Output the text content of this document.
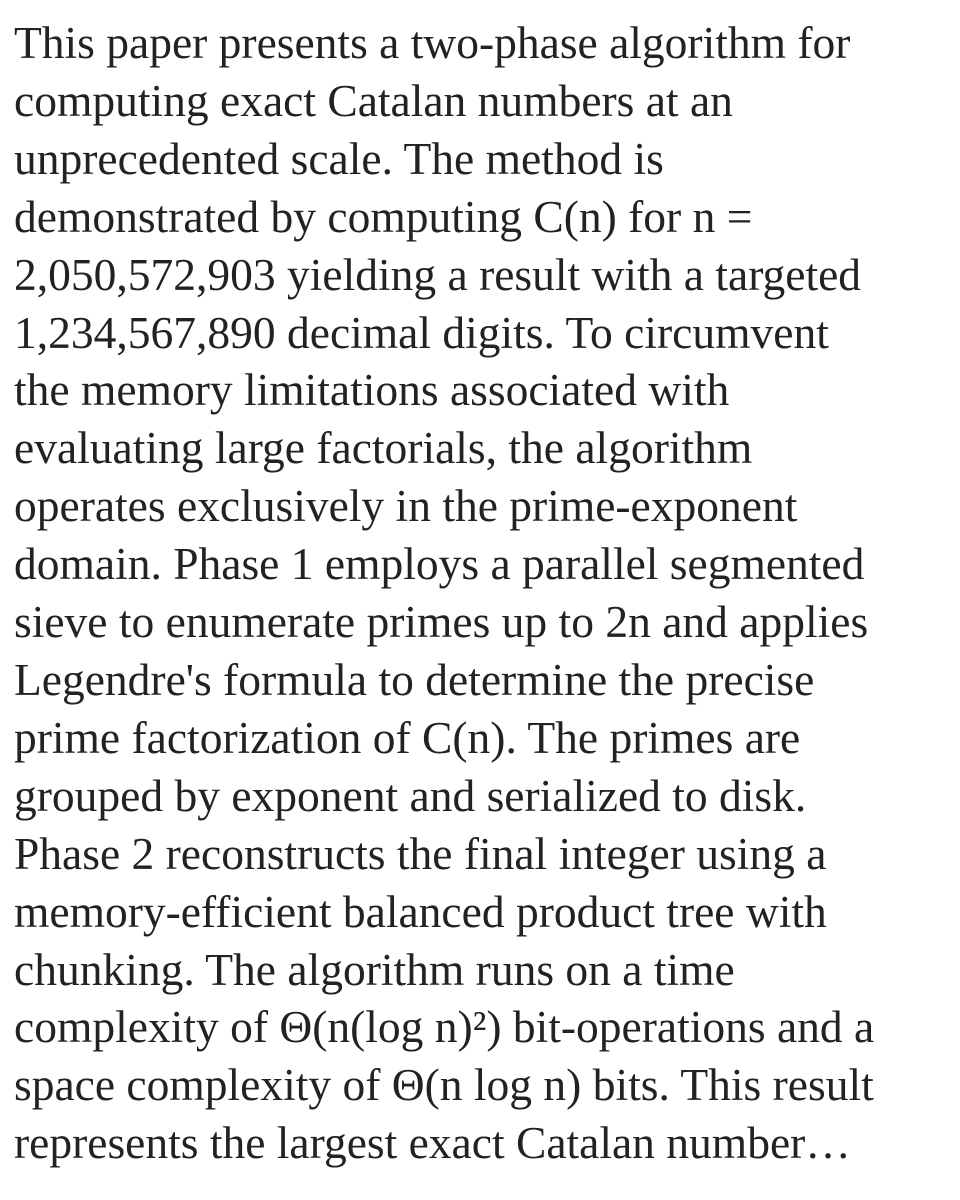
This paper presents a two-phase algorithm for
computing exact Catalan numbers at an
unprecedented scale. The method is
demonstrated by computing C(n) for n =
2,050,572,903 yielding a result with a targeted
1,234,567,890 decimal digits. To circumvent
the memory limitations associated with
evaluating large factorials, the algorithm
operates exclusively in the prime-exponent
domain. Phase 1 employs a parallel segmented
sieve to enumerate primes up to 2n and applies
Legendre's formula to determine the precise
prime factorization of C(n). The primes are
grouped by exponent and serialized to disk.
Phase 2 reconstructs the final integer using a
memory-efficient balanced product tree with
chunking. The algorithm runs on a time
complexity of Θ(n(log n)²) bit-operations and a
space complexity of Θ(n log n) bits. This result
represents the largest exact Catalan number…
